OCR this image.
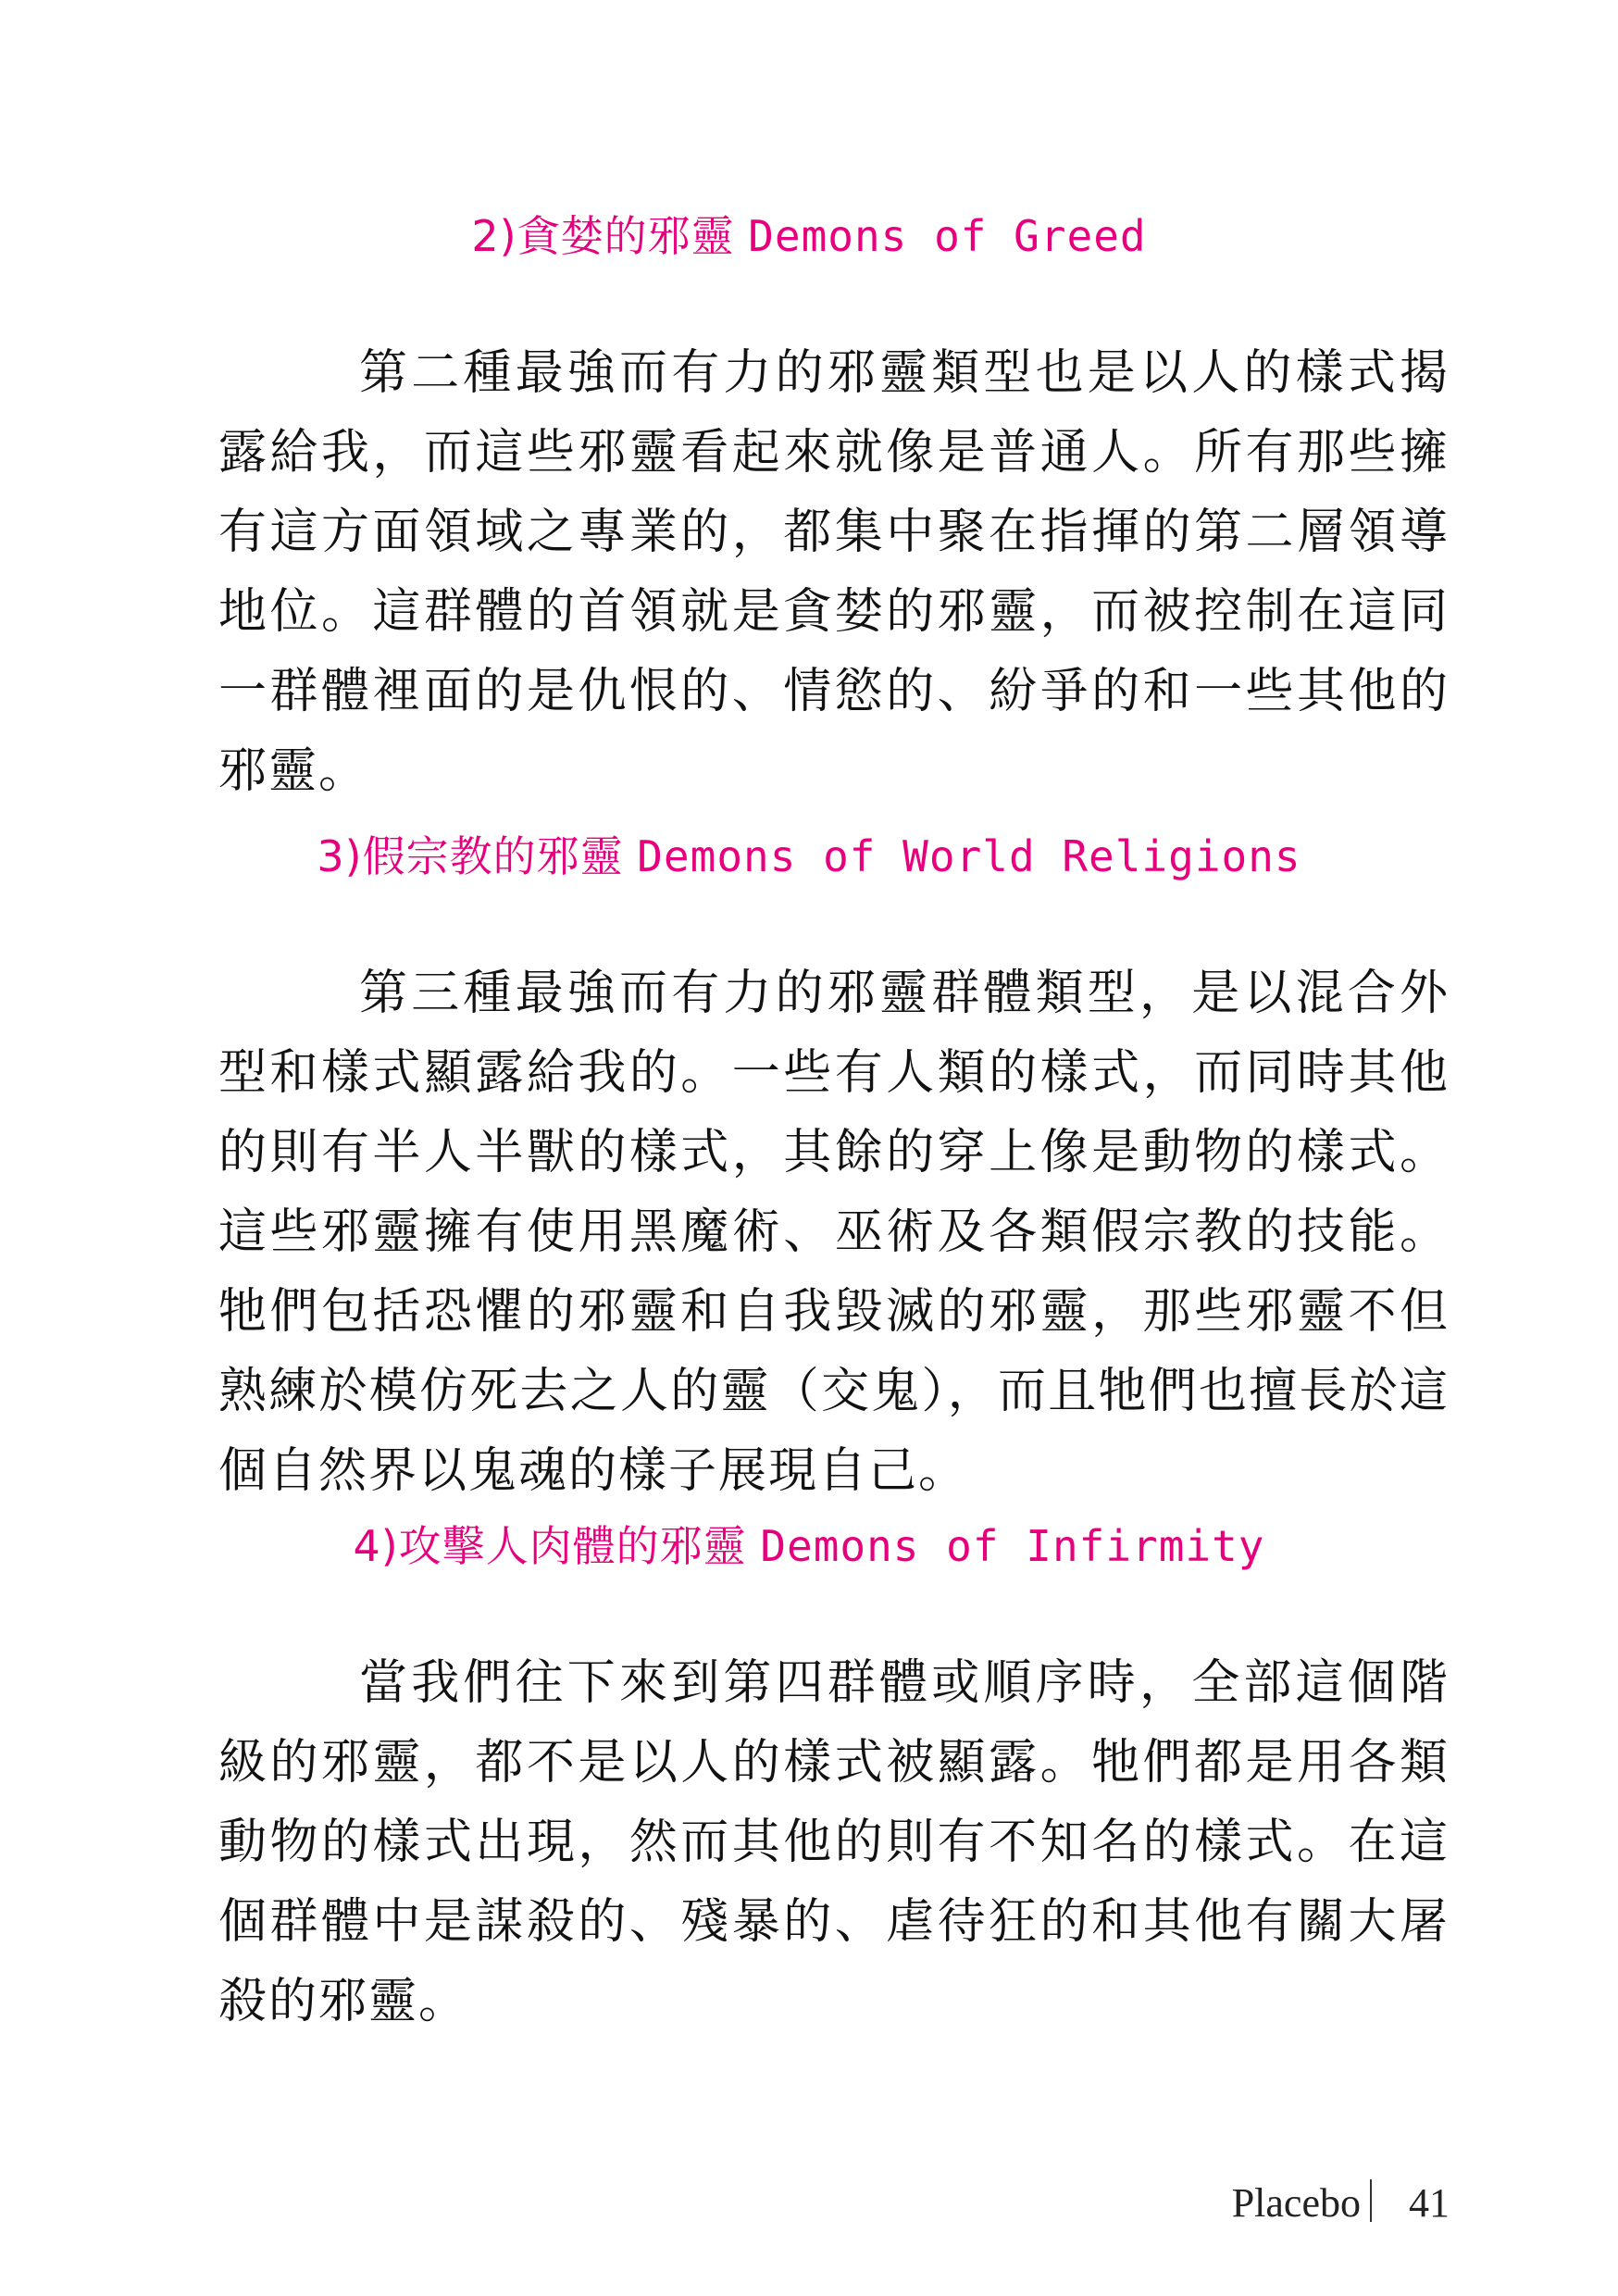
2)貪婪的邪靈 Demons of Greed
第二種最強而有力的邪靈類型也是以人的樣式揭露給我，而這些邪靈看起來就像是普通人。所有那些擁有這方面領域之專業的，都集中聚在指揮的第二層領導地位。這群體的首領就是貪婪的邪靈，而被控制在這同一群體裡面的是仇恨的、情慾的、紛爭的和一些其他的邪靈。
3)假宗教的邪靈 Demons of World Religions
第三種最強而有力的邪靈群體類型，是以混合外型和樣式顯露給我的。一些有人類的樣式，而同時其他的則有半人半獸的樣式，其餘的穿上像是動物的樣式。這些邪靈擁有使用黑魔術、巫術及各類假宗教的技能。牠們包括恐懼的邪靈和自我毀滅的邪靈，那些邪靈不但熟練於模仿死去之人的靈（交鬼），而且牠們也擅長於這個自然界以鬼魂的樣子展現自己。
4)攻擊人肉體的邪靈 Demons of Infirmity
當我們往下來到第四群體或順序時，全部這個階級的邪靈，都不是以人的樣式被顯露。牠們都是用各類動物的樣式出現，然而其他的則有不知名的樣式。在這個群體中是謀殺的、殘暴的、虐待狂的和其他有關大屠殺的邪靈。
Placebo 41
